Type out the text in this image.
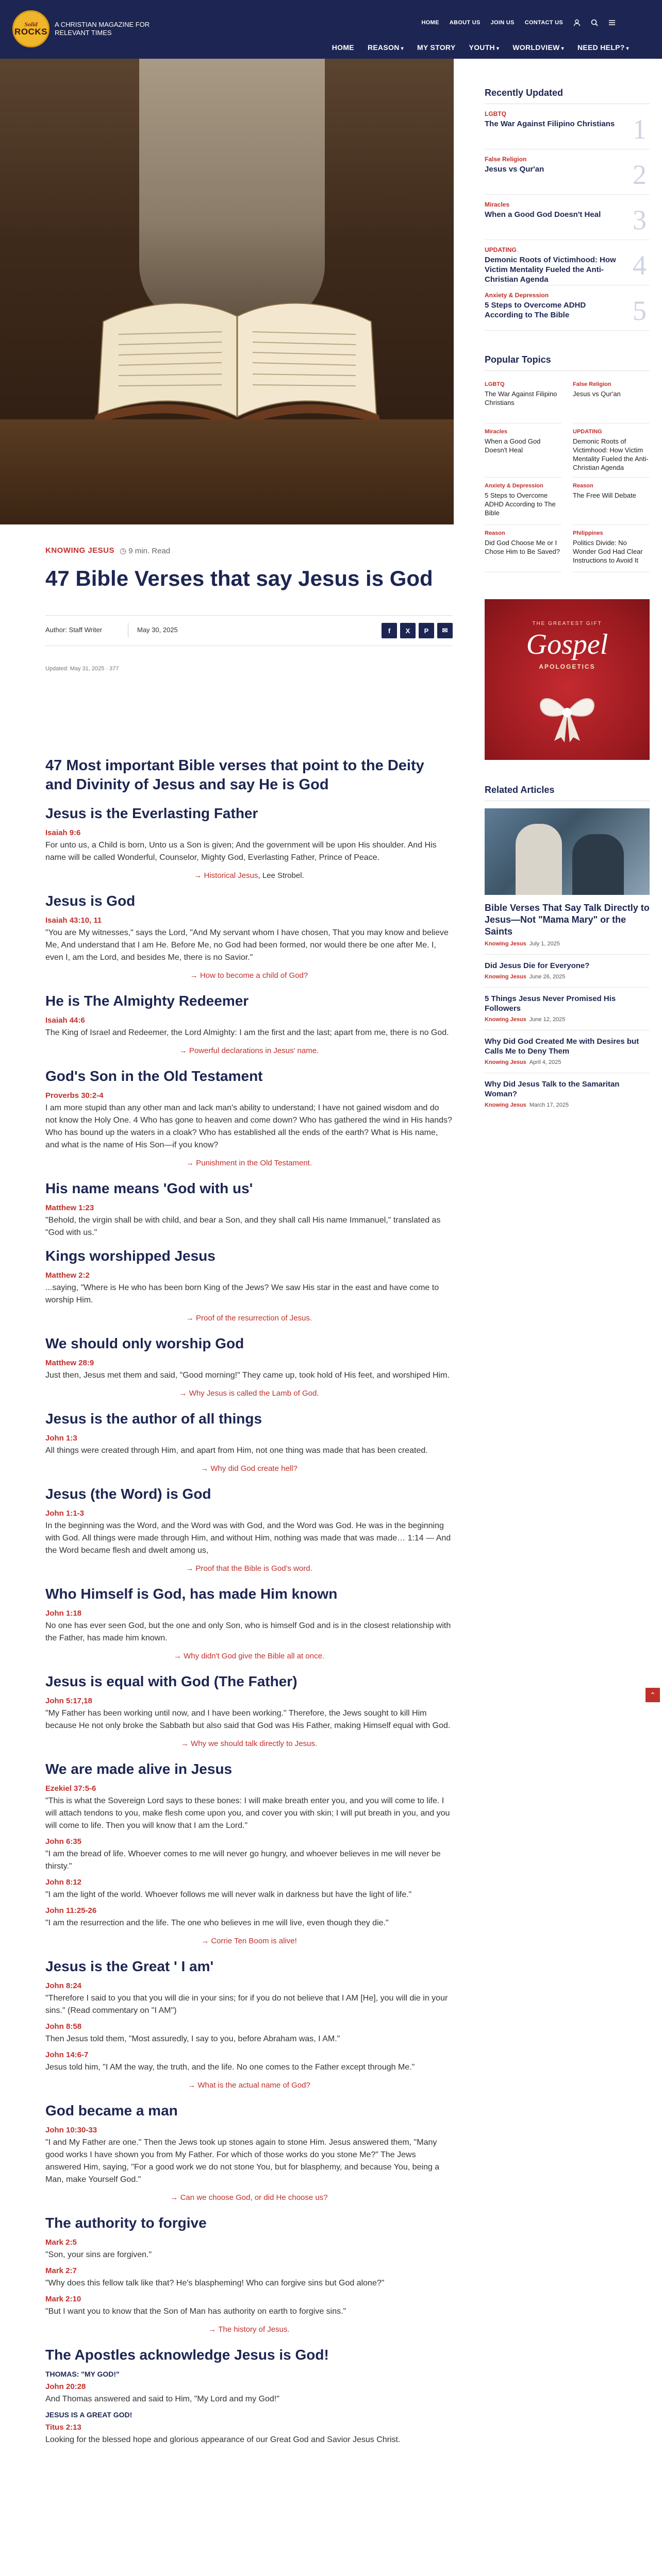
Solid
ROCKS
A CHRISTIAN MAGAZINE FOR RELEVANT TIMES
HOME ABOUT US JOIN US CONTACT US
HOME REASON ▾ MY STORY YOUTH ▾ WORLDVIEW ▾ NEED HELP? ▾
KNOWING JESUS ◷ 9 min. Read
47 Bible Verses that say Jesus is God
Author: Staff Writer	May 30, 2025	f	X	P	✉
Updated: May 31, 2025 · 377
47 Most important Bible verses that point to the Deity and Divinity of Jesus and say He is God
Jesus is the Everlasting Father
Isaiah 9:6
For unto us, a Child is born, Unto us a Son is given; And the government will be upon His shoulder. And His name will be called Wonderful, Counselor, Mighty God, Everlasting Father, Prince of Peace.
→ Historical Jesus, Lee Strobel.
Jesus is God
Isaiah 43:10, 11
"You are My witnesses," says the Lord, "And My servant whom I have chosen, That you may know and believe Me, And understand that I am He. Before Me, no God had been formed, nor would there be one after Me. I, even I, am the Lord, and besides Me, there is no Savior."
→ How to become a child of God?
He is The Almighty Redeemer
Isaiah 44:6
The King of Israel and Redeemer, the Lord Almighty: I am the first and the last; apart from me, there is no God.
→ Powerful declarations in Jesus' name.
God's Son in the Old Testament
Proverbs 30:2-4
I am more stupid than any other man and lack man's ability to understand; I have not gained wisdom and do not know the Holy One. 4 Who has gone to heaven and come down? Who has gathered the wind in His hands? Who has bound up the waters in a cloak? Who has established all the ends of the earth? What is His name, and what is the name of His Son—if you know?
→ Punishment in the Old Testament.
His name means 'God with us'
Matthew 1:23
"Behold, the virgin shall be with child, and bear a Son, and they shall call His name Immanuel," translated as "God with us."
Kings worshipped Jesus
Matthew 2:2
...saying, "Where is He who has been born King of the Jews? We saw His star in the east and have come to worship Him.
→ Proof of the resurrection of Jesus.
We should only worship God
Matthew 28:9
Just then, Jesus met them and said, "Good morning!" They came up, took hold of His feet, and worshiped Him.
→ Why Jesus is called the Lamb of God.
Jesus is the author of all things
John 1:3
All things were created through Him, and apart from Him, not one thing was made that has been created.
→ Why did God create hell?
Jesus (the Word) is God
John 1:1-3
In the beginning was the Word, and the Word was with God, and the Word was God. He was in the beginning with God. All things were made through Him, and without Him, nothing was made that was made… 1:14 — And the Word became flesh and dwelt among us,
→ Proof that the Bible is God's word.
Who Himself is God, has made Him known
John 1:18
No one has ever seen God, but the one and only Son, who is himself God and is in the closest relationship with the Father, has made him known.
→ Why didn't God give the Bible all at once.
Jesus is equal with God (The Father)
John 5:17,18
"My Father has been working until now, and I have been working." Therefore, the Jews sought to kill Him because He not only broke the Sabbath but also said that God was His Father, making Himself equal with God.
→ Why we should talk directly to Jesus.
We are made alive in Jesus
Ezekiel 37:5-6
"This is what the Sovereign Lord says to these bones: I will make breath enter you, and you will come to life. I will attach tendons to you, make flesh come upon you, and cover you with skin; I will put breath in you, and you will come to life. Then you will know that I am the Lord."
John 6:35
"I am the bread of life. Whoever comes to me will never go hungry, and whoever believes in me will never be thirsty."
John 8:12
"I am the light of the world. Whoever follows me will never walk in darkness but have the light of life."
John 11:25-26
"I am the resurrection and the life. The one who believes in me will live, even though they die."
→ Corrie Ten Boom is alive!
Jesus is the Great ' I am'
John 8:24
"Therefore I said to you that you will die in your sins; for if you do not believe that I AM [He], you will die in your sins." (Read commentary on "I AM")
John 8:58
Then Jesus told them, "Most assuredly, I say to you, before Abraham was, I AM."
John 14:6-7
Jesus told him, "I AM the way, the truth, and the life. No one comes to the Father except through Me."
→ What is the actual name of God?
God became a man
John 10:30-33
"I and My Father are one." Then the Jews took up stones again to stone Him. Jesus answered them, "Many good works I have shown you from My Father. For which of those works do you stone Me?" The Jews answered Him, saying, "For a good work we do not stone You, but for blasphemy, and because You, being a Man, make Yourself God."
→ Can we choose God, or did He choose us?
The authority to forgive
Mark 2:5
"Son, your sins are forgiven."
Mark 2:7
"Why does this fellow talk like that? He's blaspheming! Who can forgive sins but God alone?"
Mark 2:10
"But I want you to know that the Son of Man has authority on earth to forgive sins."
→ The history of Jesus.
The Apostles acknowledge Jesus is God!
THOMAS: "MY GOD!"
John 20:28
And Thomas answered and said to Him, "My Lord and my God!"
JESUS IS A GREAT GOD!
Titus 2:13
Looking for the blessed hope and glorious appearance of our Great God and Savior Jesus Christ.
Recently Updated
LGBTQ
The War Against Filipino Christians 1
False Religion
Jesus vs Qur'an	2
Miracles
When a Good God Doesn't Heal	3
UPDATING
Demonic Roots of Victimhood: How Victim Mentality Fueled the Anti-Christian Agenda	4
Anxiety & Depression
5 Steps to Overcome ADHD According to The Bible	5
Popular Topics
LGBTQ
The War Against Filipino Christians
False Religion
Jesus vs Qur'an
Miracles
When a Good God Doesn't Heal
UPDATING
Demonic Roots of Victimhood: How Victim Mentality Fueled the Anti-Christian Agenda
Anxiety & Depression
5 Steps to Overcome ADHD According to The Bible
Reason
The Free Will Debate
Reason
Did God Choose Me or I Chose Him to Be Saved?
Philippines
Politics Divide: No Wonder God Had Clear Instructions to Avoid It
THE GREATEST GIFT
Gospel
APOLOGETICS
Related Articles
Bible Verses That Say Talk Directly to Jesus—Not "Mama Mary" or the Saints
Knowing Jesus July 1, 2025
Did Jesus Die for Everyone?
Knowing Jesus June 26, 2025
5 Things Jesus Never Promised His Followers
Knowing Jesus June 12, 2025
Why Did God Created Me with Desires but Calls Me to Deny Them
Knowing Jesus April 4, 2025
Why Did Jesus Talk to the Samaritan Woman?
Knowing Jesus March 17, 2025
⌃
